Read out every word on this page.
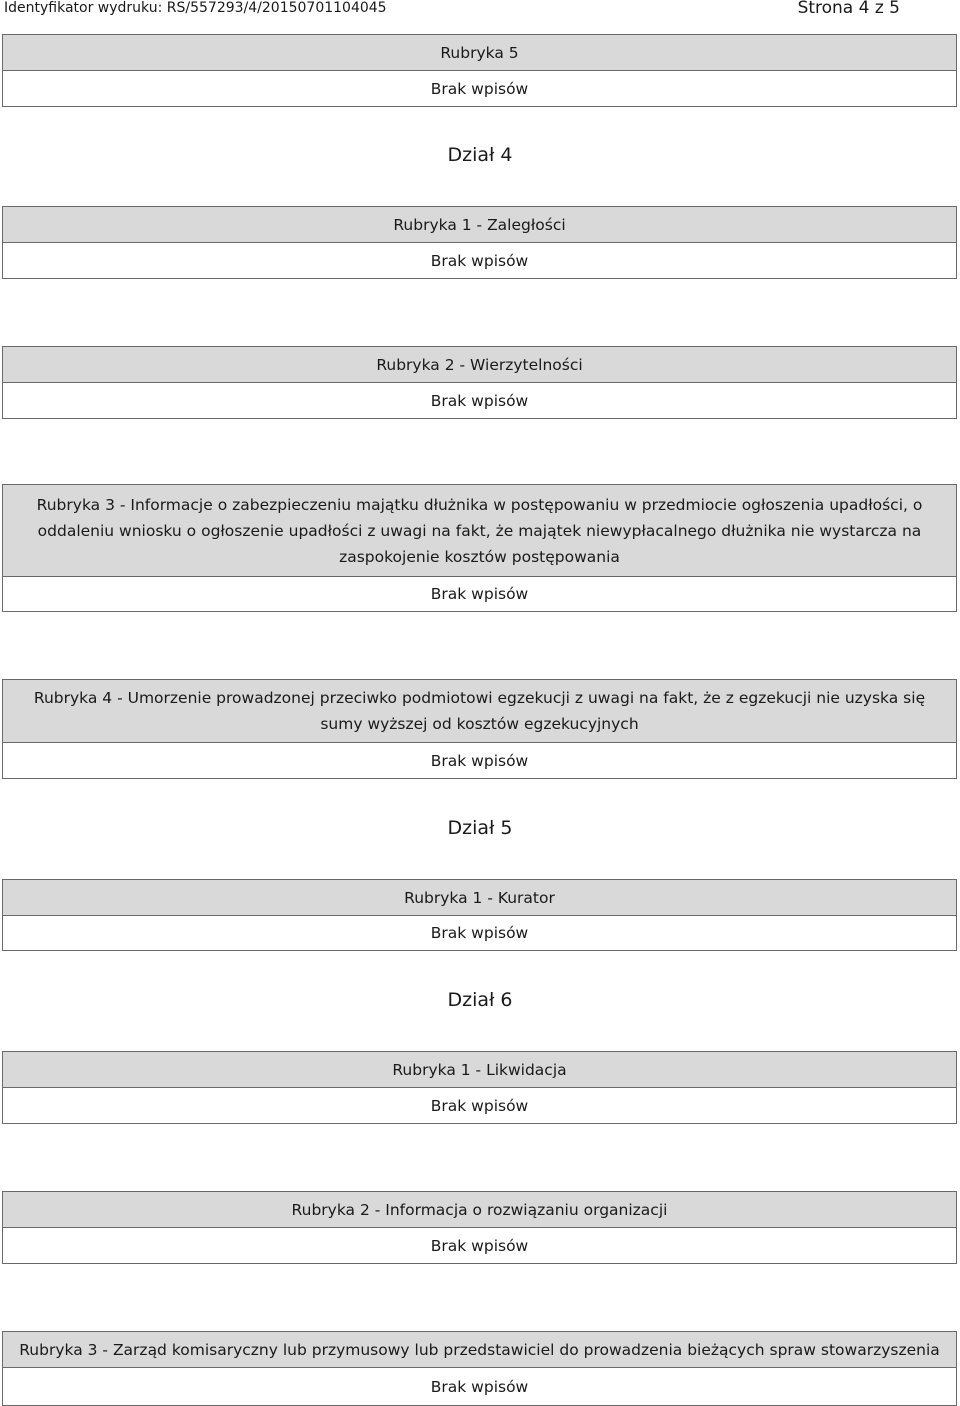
Identyfikator wydruku: RS/557293/4/20150701104045	Strona 4 z 5
Rubryka 5
Brak wpisów
Dział 4
Rubryka 1 - Zaległości
Brak wpisów
Rubryka 2 - Wierzytelności
Brak wpisów
Rubryka 3 - Informacje o zabezpieczeniu majątku dłużnika w postępowaniu w przedmiocie ogłoszenia upadłości, o oddaleniu wniosku o ogłoszenie upadłości z uwagi na fakt, że majątek niewypłacalnego dłużnika nie wystarcza na zaspokojenie kosztów postępowania
Brak wpisów
Rubryka 4 - Umorzenie prowadzonej przeciwko podmiotowi egzekucji z uwagi na fakt, że z egzekucji nie uzyska się sumy wyższej od kosztów egzekucyjnych
Brak wpisów
Dział 5
Rubryka 1 - Kurator
Brak wpisów
Dział 6
Rubryka 1 - Likwidacja
Brak wpisów
Rubryka 2 - Informacja o rozwiązaniu organizacji
Brak wpisów
Rubryka 3 - Zarząd komisaryczny lub przymusowy lub przedstawiciel do prowadzenia bieżących spraw stowarzyszenia
Brak wpisów
